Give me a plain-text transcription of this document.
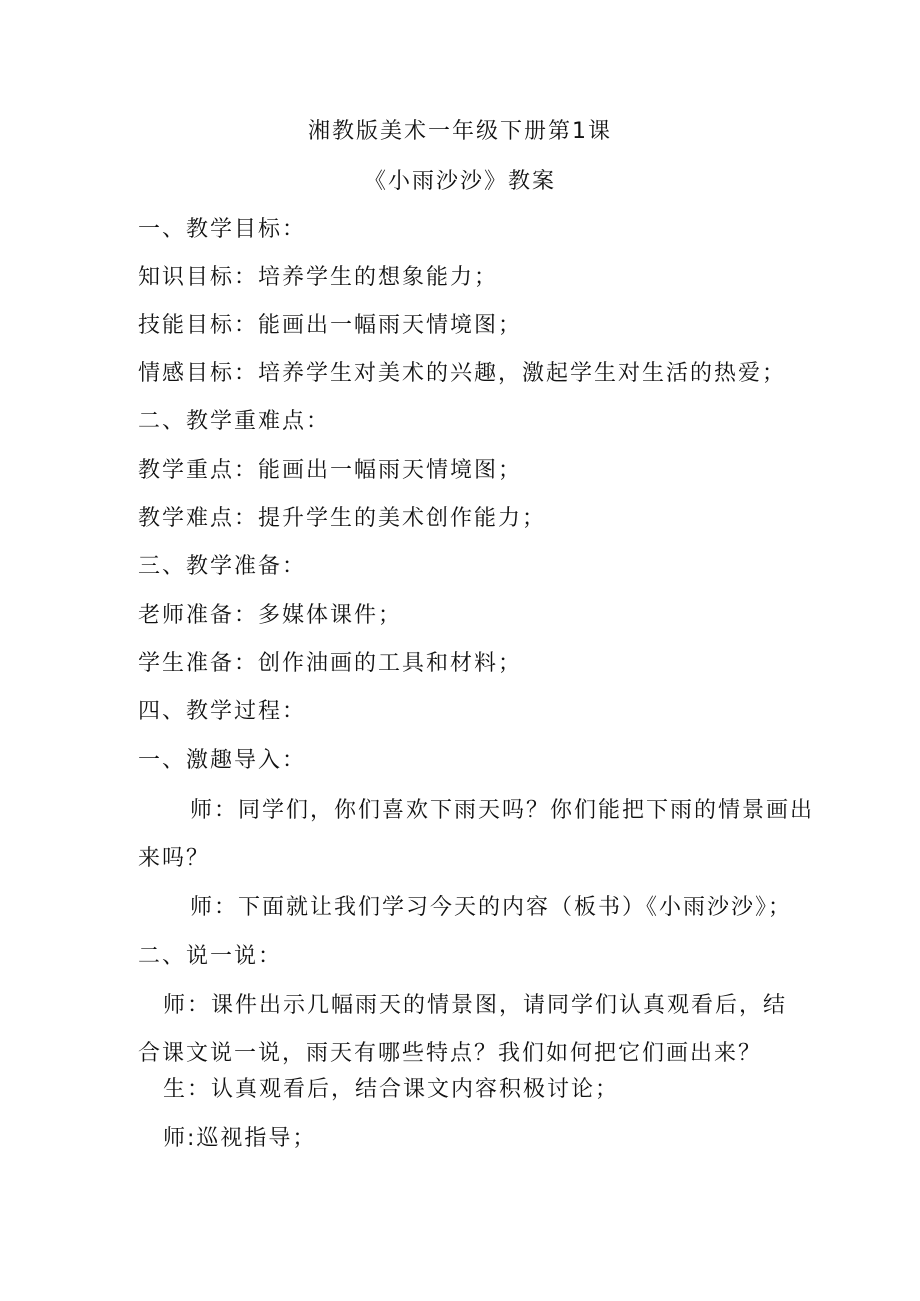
湘教版美术一年级下册第1课
《小雨沙沙》教案
一、教学目标：
知识目标：培养学生的想象能力；
技能目标：能画出一幅雨天情境图；
情感目标：培养学生对美术的兴趣，激起学生对生活的热爱；
二、教学重难点：
教学重点：能画出一幅雨天情境图；
教学难点：提升学生的美术创作能力；
三、教学准备：
老师准备：多媒体课件；
学生准备：创作油画的工具和材料；
四、教学过程：
一、激趣导入：
师：同学们，你们喜欢下雨天吗？你们能把下雨的情景画出
来吗？
师：下面就让我们学习今天的内容（板书）《小雨沙沙》；
二、说一说：
师：课件出示几幅雨天的情景图，请同学们认真观看后，结
合课文说一说，雨天有哪些特点？我们如何把它们画出来？
生：认真观看后，结合课文内容积极讨论；
师:巡视指导；
